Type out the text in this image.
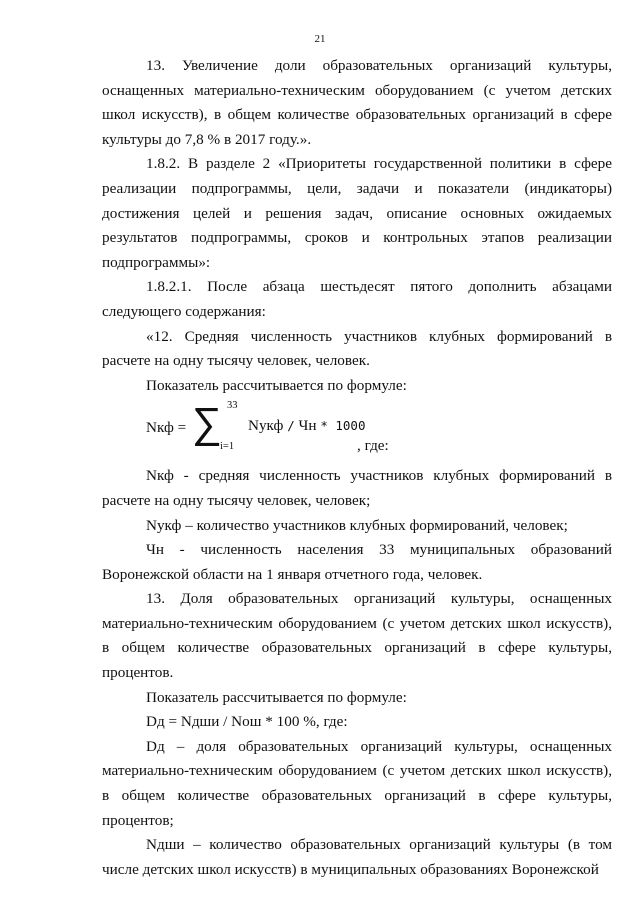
21

13. Увеличение доли образовательных организаций культуры, оснащенных материально-техническим оборудованием (с учетом детских школ искусств), в общем количестве образовательных организаций в сфере культуры до 7,8 % в 2017 году.».

1.8.2. В разделе 2 «Приоритеты государственной политики в сфере реализации подпрограммы, цели, задачи и показатели (индикаторы) достижения целей и решения задач, описание основных ожидаемых результатов подпрограммы, сроков и контрольных этапов реализации подпрограммы»:

1.8.2.1. После абзаца шестьдесят пятого дополнить абзацами следующего содержания:

«12. Средняя численность участников клубных формирований в расчете на одну тысячу человек, человек.

Показатель рассчитывается по формуле:

Nкф = ∑ 33
i=1
Nукф / Чн * 1000
, где:

Nкф - средняя численность участников клубных формирований в расчете на одну тысячу человек, человек;

Nукф – количество участников клубных формирований, человек;

Чн - численность населения 33 муниципальных образований Воронежской области на 1 января отчетного года, человек.

13. Доля образовательных организаций культуры, оснащенных материально-техническим оборудованием (с учетом детских школ искусств), в общем количестве образовательных организаций в сфере культуры, процентов.

Показатель рассчитывается по формуле:

Dд = Nдши / Nош * 100 %, где:

Dд – доля образовательных организаций культуры, оснащенных материально-техническим оборудованием (с учетом детских школ искусств), в общем количестве образовательных организаций в сфере культуры, процентов;

Nдши – количество образовательных организаций культуры (в том числе детских школ искусств) в муниципальных образованиях Воронежской
